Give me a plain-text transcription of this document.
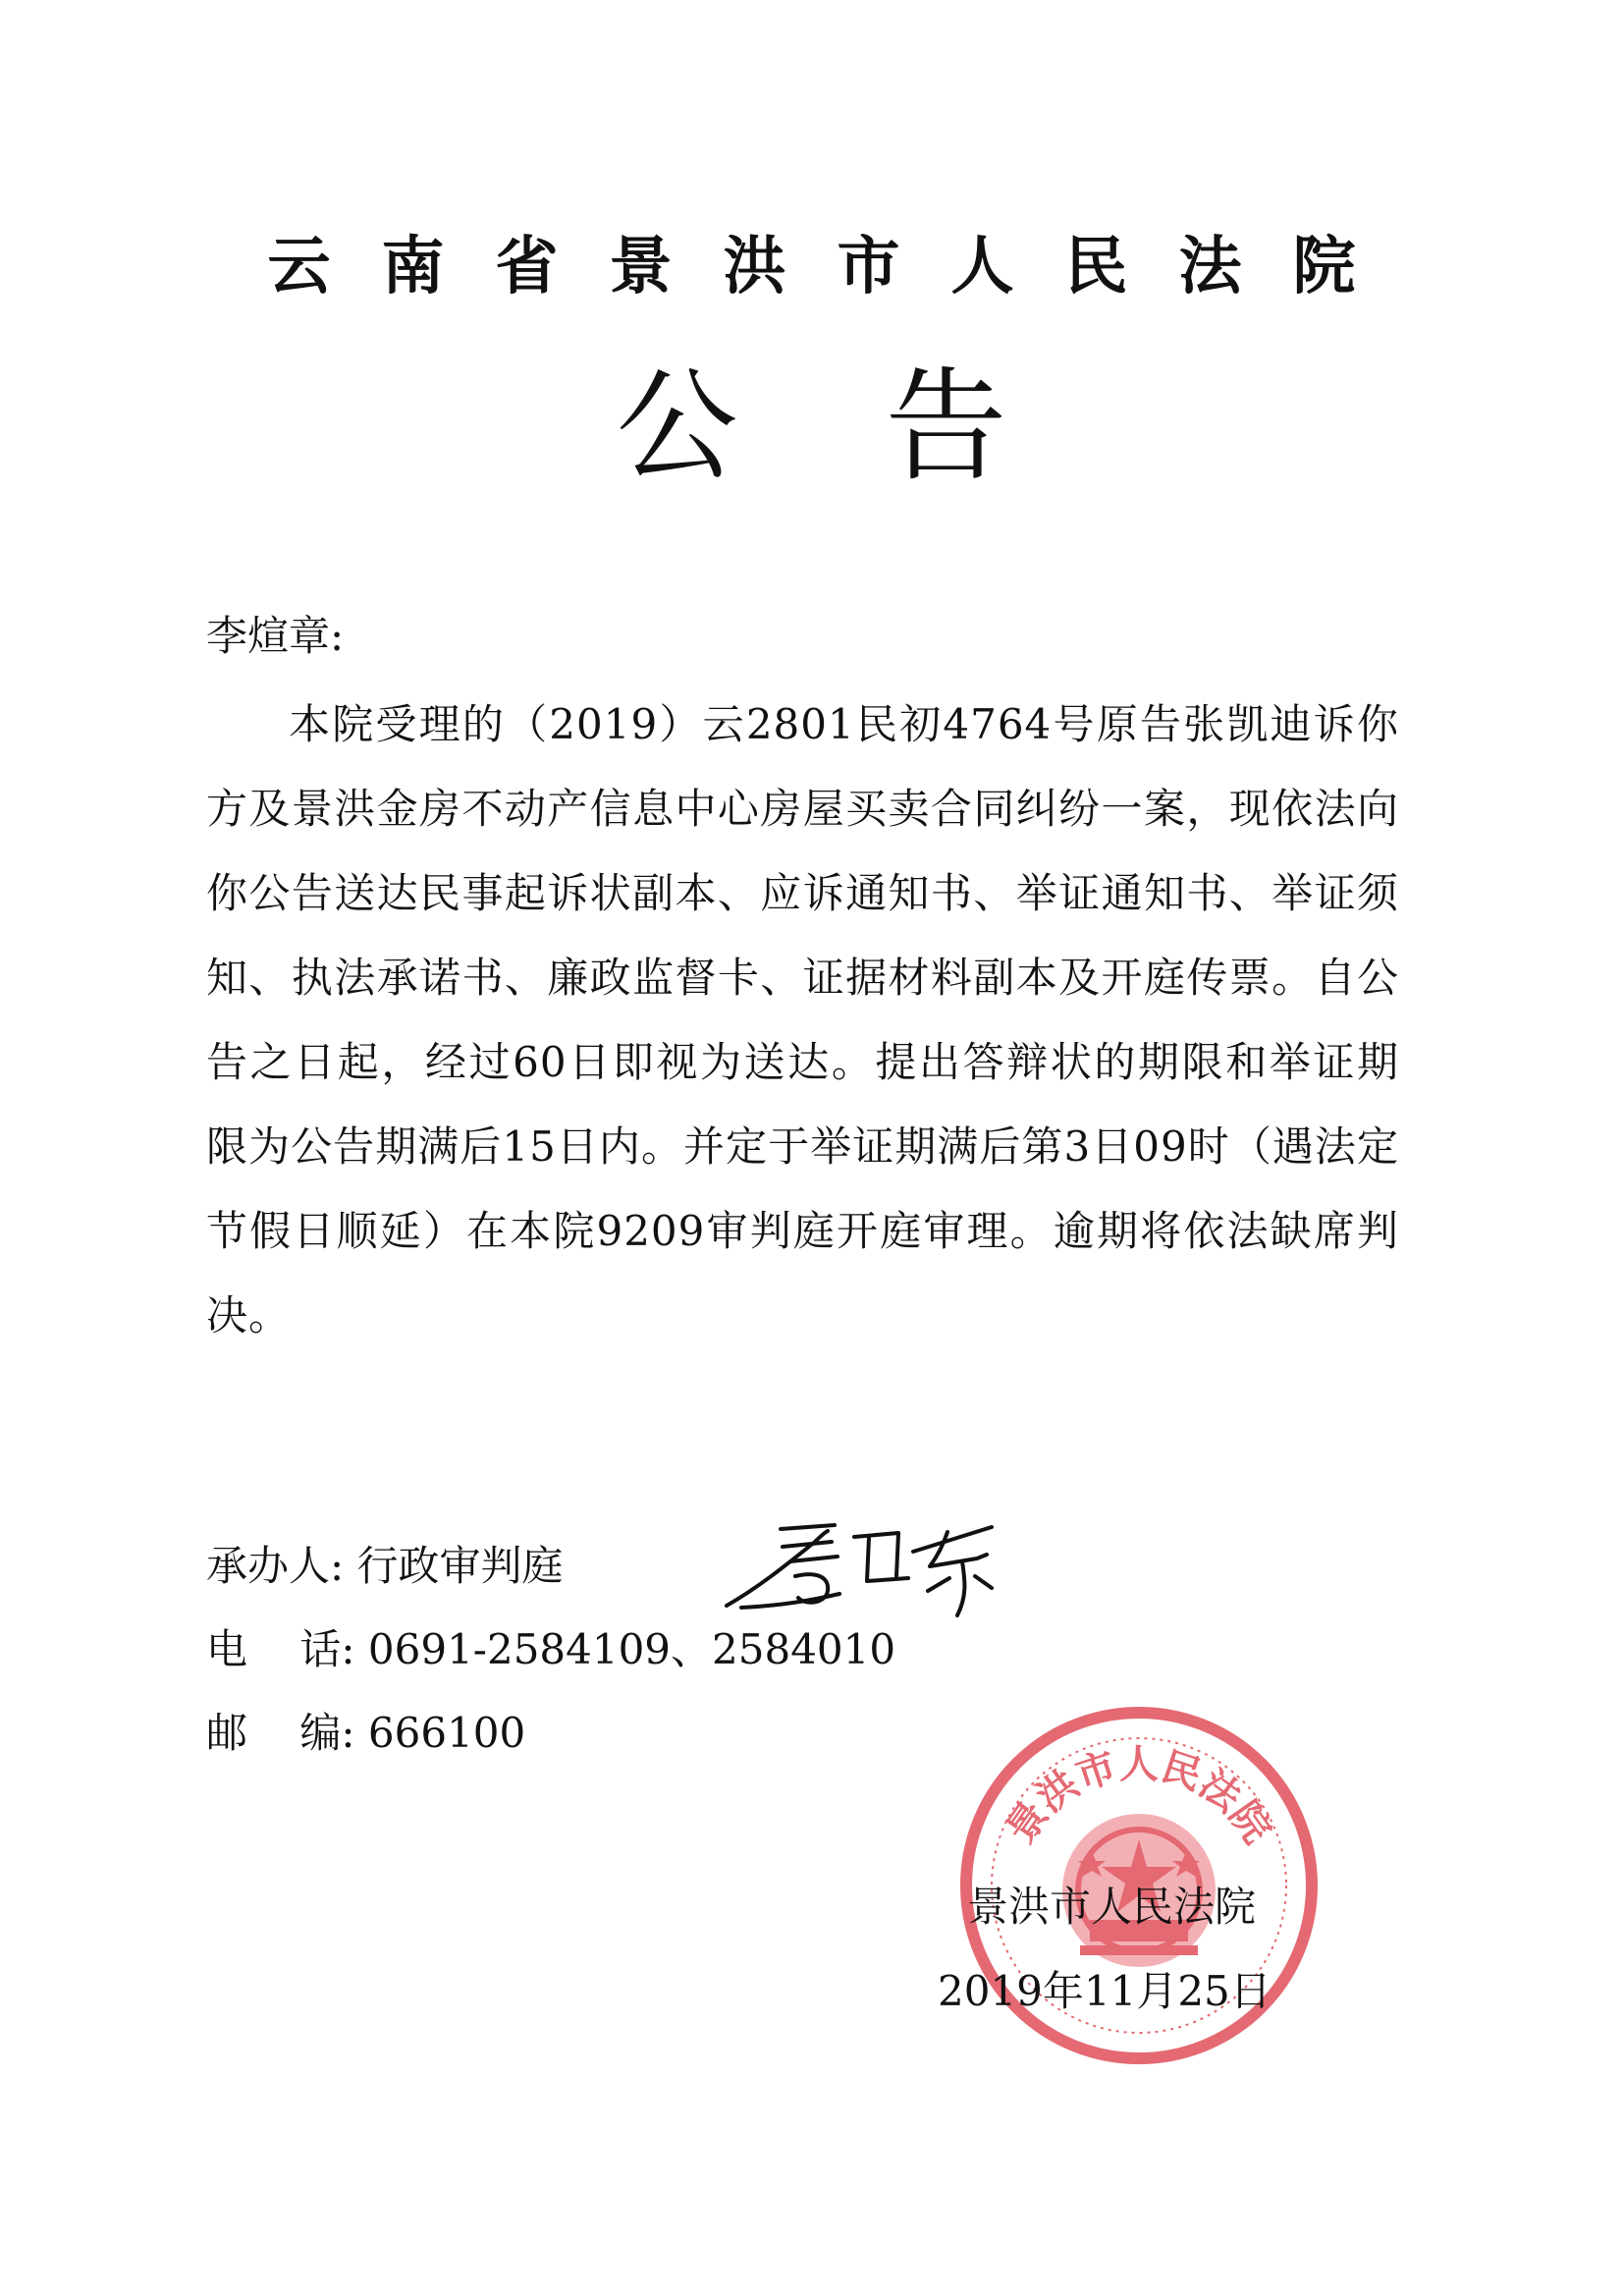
云南省景洪市人民法院
公告
李煊章:
本院受理的（2019）云2801民初4764号原告张凯迪诉你方及景洪金房不动产信息中心房屋买卖合同纠纷一案，现依法向你公告送达民事起诉状副本、应诉通知书、举证通知书、举证须知、执法承诺书、廉政监督卡、证据材料副本及开庭传票。自公告之日起，经过60日即视为送达。提出答辩状的期限和举证期限为公告期满后15日内。并定于举证期满后第3日09时（遇法定节假日顺延）在本院9209审判庭开庭审理。逾期将依法缺席判决。
承办人: 行政审判庭
电    话: 0691-2584109、2584010
邮    编: 666100
景洪市人民法院
景洪市人民法院
2019年11月25日
